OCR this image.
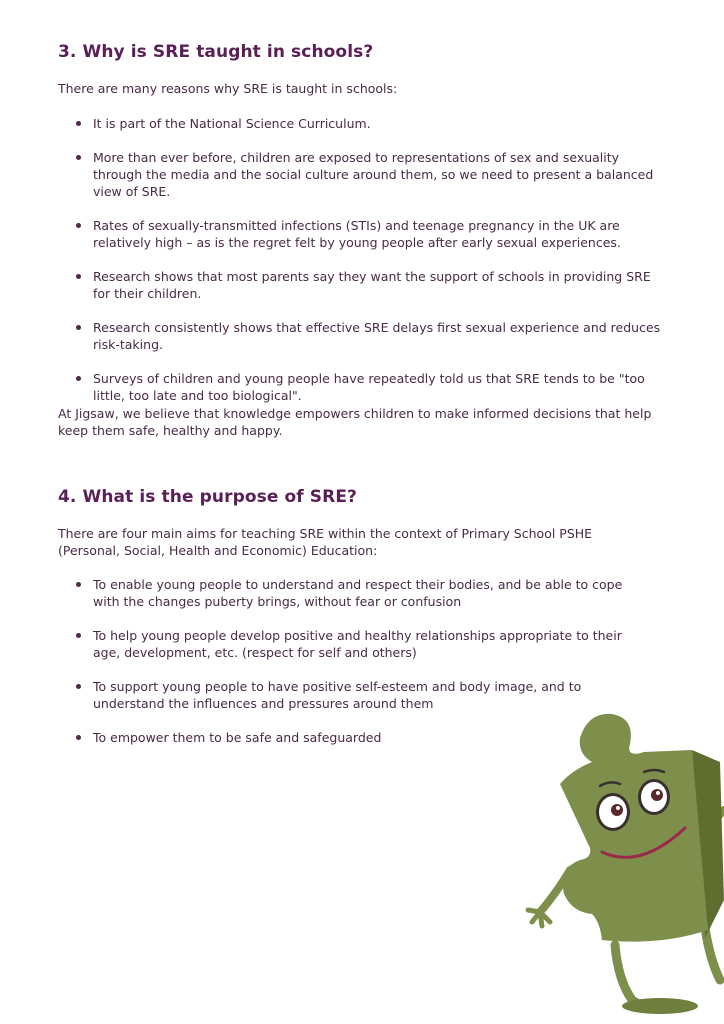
3. Why is SRE taught in schools?

There are many reasons why SRE is taught in schools:

It is part of the National Science Curriculum.
More than ever before, children are exposed to representations of sex and sexuality through the media and the social culture around them, so we need to present a balanced view of SRE.
Rates of sexually-transmitted infections (STIs) and teenage pregnancy in the UK are relatively high – as is the regret felt by young people after early sexual experiences.
Research shows that most parents say they want the support of schools in providing SRE for their children.
Research consistently shows that effective SRE delays first sexual experience and reduces risk-taking.
Surveys of children and young people have repeatedly told us that SRE tends to be "too little, too late and too biological".

At Jigsaw, we believe that knowledge empowers children to make informed decisions that help keep them safe, healthy and happy.

4. What is the purpose of SRE?

There are four main aims for teaching SRE within the context of Primary School PSHE (Personal, Social, Health and Economic) Education:

To enable young people to understand and respect their bodies, and be able to cope with the changes puberty brings, without fear or confusion
To help young people develop positive and healthy relationships appropriate to their age, development, etc. (respect for self and others)
To support young people to have positive self-esteem and body image, and to understand the influences and pressures around them
To empower them to be safe and safeguarded
